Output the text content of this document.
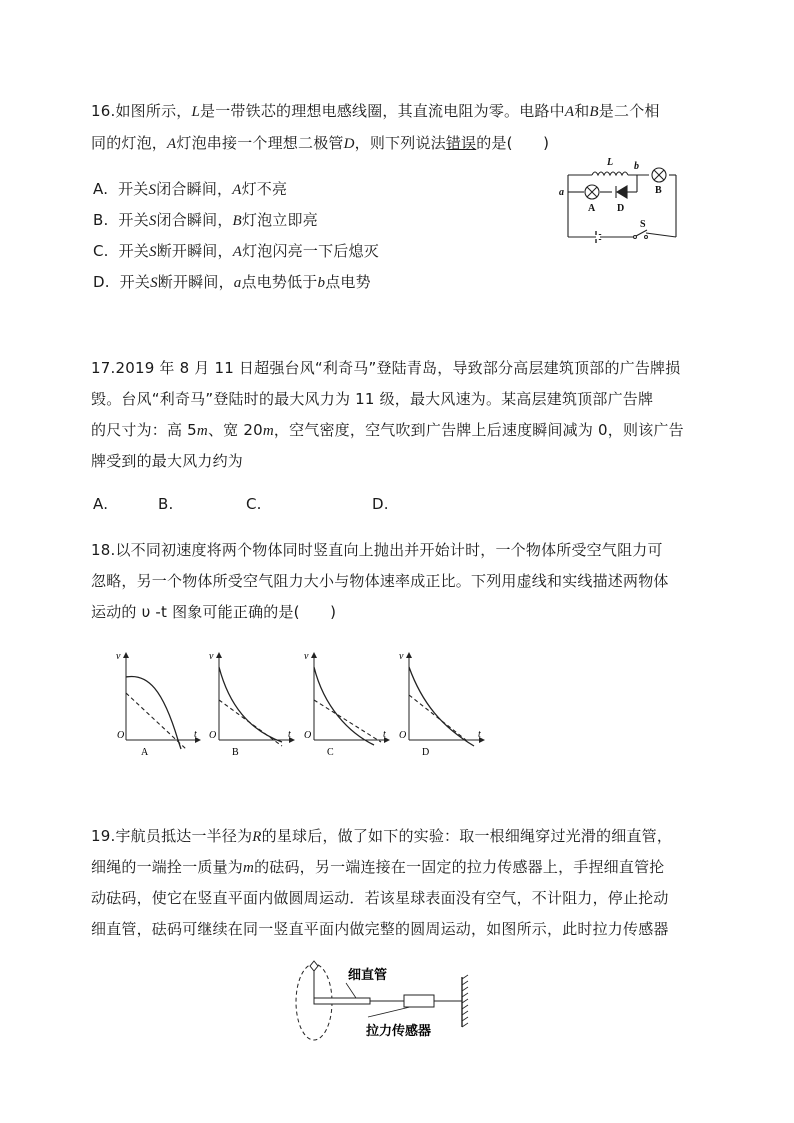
16.如图所示，L是一带铁芯的理想电感线圈，其直流电阻为零。电路中A和B是二个相
同的灯泡，A灯泡串接一个理想二极管D，则下列说法错误的是(　　)
A. 开关S闭合瞬间，A灯不亮
B. 开关S闭合瞬间，B灯泡立即亮
C. 开关S断开瞬间，A灯泡闪亮一下后熄灭
D. 开关S断开瞬间，a点电势低于b点电势
L b
a
A D
B
S
17.2019 年 8 月 11 日超强台风“利奇马”登陆青岛，导致部分高层建筑顶部的广告牌损
毁。台风“利奇马”登陆时的最大风力为 11 级，最大风速为。某高层建筑顶部广告牌
的尺寸为：高 5m、宽 20m，空气密度，空气吹到广告牌上后速度瞬间减为 0，则该广告
牌受到的最大风力约为
A.	B.	C.	D.
18.以不同初速度将两个物体同时竖直向上抛出并开始计时，一个物体所受空气阻力可
忽略，另一个物体所受空气阻力大小与物体速率成正比。下列用虚线和实线描述两物体
运动的 υ -t 图象可能正确的是(　　)
v
t
O
A
v
t
O
B
v
t
O
C
v
t
O
D
19.宇航员抵达一半径为R的星球后，做了如下的实验：取一根细绳穿过光滑的细直管，
细绳的一端拴一质量为m的砝码，另一端连接在一固定的拉力传感器上，手捏细直管抡
动砝码，使它在竖直平面内做圆周运动．若该星球表面没有空气，不计阻力，停止抡动
细直管，砝码可继续在同一竖直平面内做完整的圆周运动，如图所示，此时拉力传感器
细直管
拉力传感器
